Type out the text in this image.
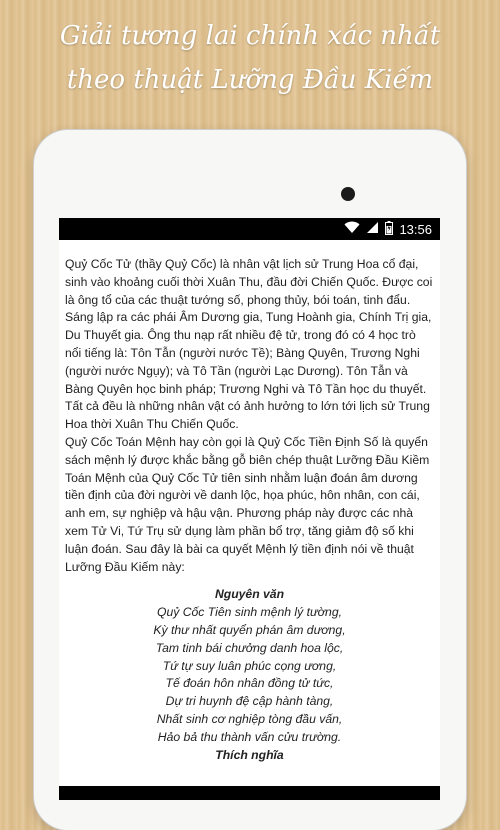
Giải tương lai chính xác nhất
theo thuật Lưỡng Đầu Kiếm
13:56

Quỷ Cốc Tử (thầy Quỷ Cốc) là nhân vật lịch sử Trung Hoa cổ đại, sinh vào khoảng cuối thời Xuân Thu, đầu đời Chiến Quốc. Được coi là ông tổ của các thuật tướng số, phong thủy, bói toán, tinh đẩu. Sáng lập ra các phái Âm Dương gia, Tung Hoành gia, Chính Trị gia, Du Thuyết gia. Ông thu nạp rất nhiều đệ tử, trong đó có 4 học trò nổi tiếng là: Tôn Tẫn (người nước Tề); Bàng Quyên, Trương Nghi (người nước Ngụy); và Tô Tần (người Lạc Dương). Tôn Tẫn và Bàng Quyên học binh pháp; Trương Nghi và Tô Tần học du thuyết. Tất cả đều là những nhân vật có ảnh hưởng to lớn tới lịch sử Trung Hoa thời Xuân Thu Chiến Quốc.

Quỷ Cốc Toán Mệnh hay còn gọi là Quỷ Cốc Tiền Định Số là quyển sách mệnh lý được khắc bằng gỗ biên chép thuật Lưỡng Đầu Kiềm Toán Mệnh của Quỷ Cốc Tử tiên sinh nhằm luận đoán âm dương tiền định của đời người về danh lộc, họa phúc, hôn nhân, con cái, anh em, sự nghiệp và hậu vận. Phương pháp này được các nhà xem Tử Vi, Tứ Trụ sử dụng làm phần bổ trợ, tăng giảm độ số khi luận đoán. Sau đây là bài ca quyết Mệnh lý tiền định nói về thuật Lưỡng Đầu Kiếm này:

Nguyên văn
Quỷ Cốc Tiên sinh mệnh lý tường,
Kỳ thư nhất quyển phán âm dương,
Tam tinh bái chưởng danh hoa lộc,
Tứ tự suy luân phúc cọng ương,
Tế đoán hôn nhân đồng tử tức,
Dự tri huynh đệ cập hành tàng,
Nhất sinh cơ nghiệp tòng đầu vấn,
Hảo bả thu thành vấn cửu trường.
Thích nghĩa
